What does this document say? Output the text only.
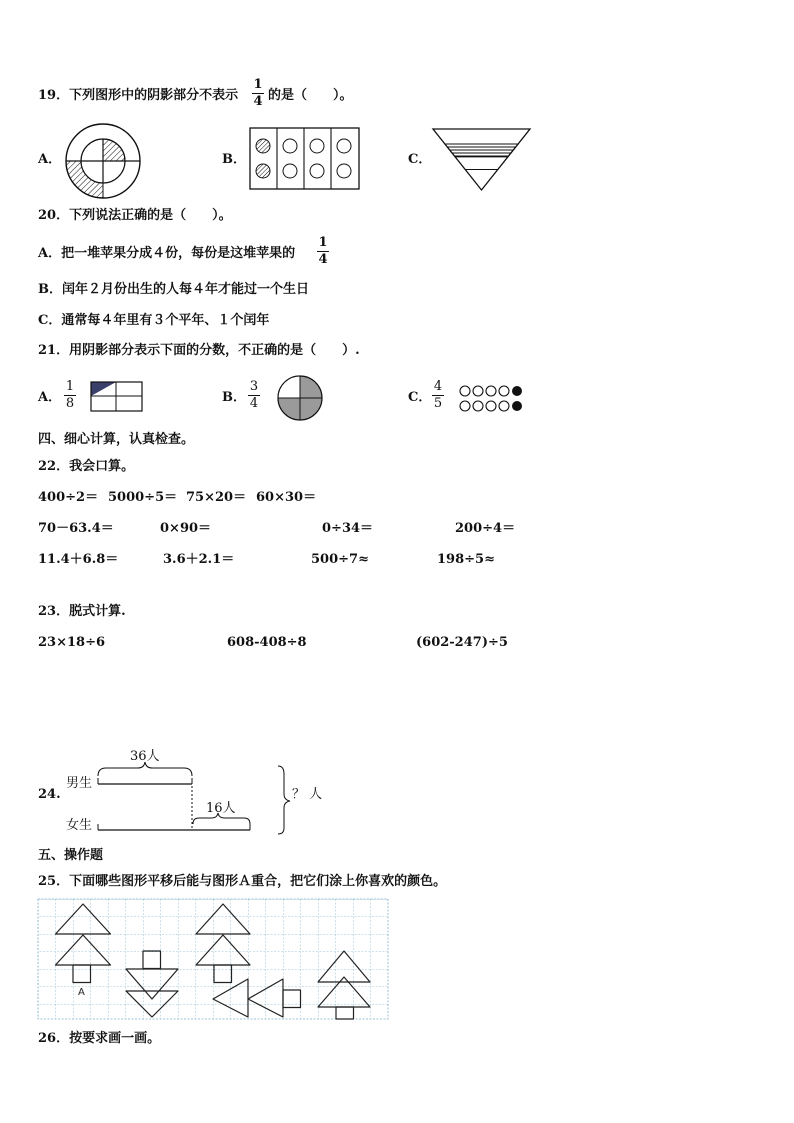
19．下列图形中的阴影部分不表示
1
4 的是（　　）。
A．	B．	C．
20．下列说法正确的是（　　）。
A．把一堆苹果分成４份，每份是这堆苹果的
1
4
B．闰年２月份出生的人每４年才能过一个生日
C．通常每４年里有３个平年、１个闰年
21．用阴影部分表示下面的分数，不正确的是（　　）.
A．
1
8	B．
3
4	C．
4
5
四、细心计算，认真检查。
22．我会口算。
400÷2＝ 5000÷5＝ 75×20＝ 60×30＝
70－63.4＝	0×90＝	0÷34＝	200÷4＝
11.4＋6.8＝	3.6＋2.1＝	500÷7≈	198÷5≈
23．脱式计算.
23×18÷6	608-408÷8	(602-247)÷5
24.
男生
女生
36人
16人
？ 人
五、操作题
25．下面哪些图形平移后能与图形Ａ重合，把它们涂上你喜欢的颜色。
A
26．按要求画一画。
